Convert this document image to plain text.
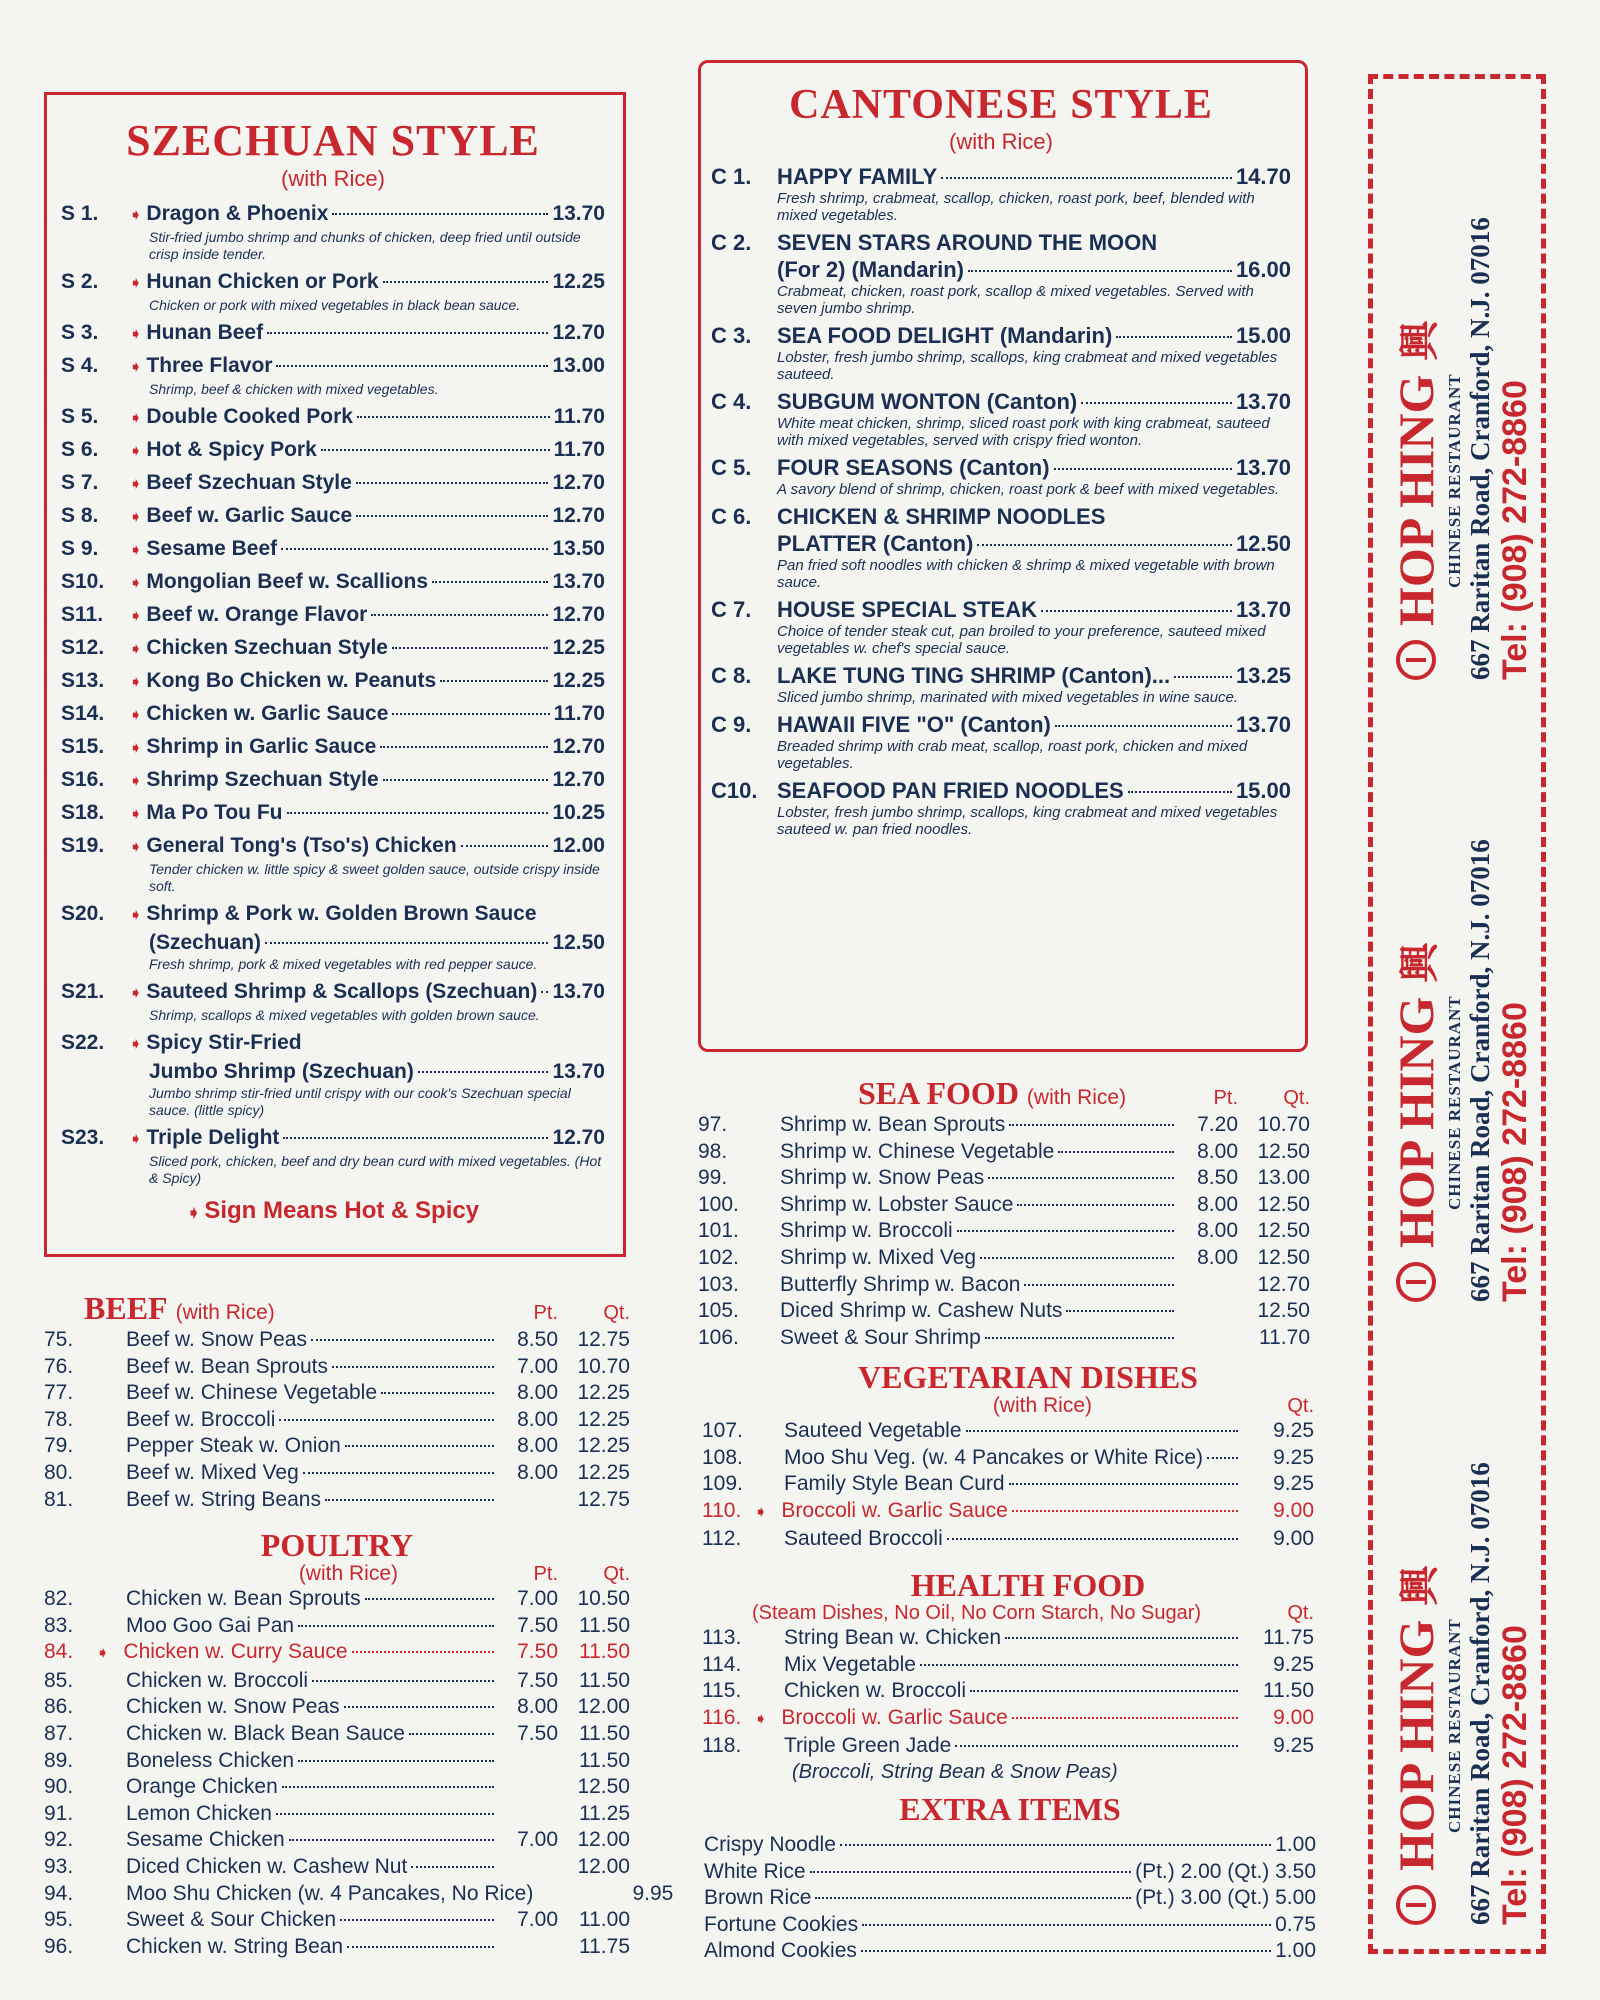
SZECHUAN STYLE
(with Rice)
S 1.	➧ Dragon & Phoenix	13.70
Stir-fried jumbo shrimp and chunks of chicken, deep fried until outside crisp inside tender.
S 2.	➧ Hunan Chicken or Pork	12.25
Chicken or pork with mixed vegetables in black bean sauce.
S 3.	➧ Hunan Beef	12.70
S 4.	➧ Three Flavor	13.00
Shrimp, beef & chicken with mixed vegetables.
S 5.	➧ Double Cooked Pork	11.70
S 6.	➧ Hot & Spicy Pork	11.70
S 7.	➧ Beef Szechuan Style	12.70
S 8.	➧ Beef w. Garlic Sauce	12.70
S 9.	➧ Sesame Beef	13.50
S10.	➧ Mongolian Beef w. Scallions	13.70
S11.	➧ Beef w. Orange Flavor	12.70
S12.	➧ Chicken Szechuan Style	12.25
S13.	➧ Kong Bo Chicken w. Peanuts	12.25
S14.	➧ Chicken w. Garlic Sauce	11.70
S15.	➧ Shrimp in Garlic Sauce	12.70
S16.	➧ Shrimp Szechuan Style	12.70
S18.	➧ Ma Po Tou Fu	10.25
S19.	➧ General Tong's (Tso's) Chicken	12.00
Tender chicken w. little spicy & sweet golden sauce, outside crispy inside soft.
S20.	➧ Shrimp & Pork w. Golden Brown Sauce
(Szechuan)	12.50
Fresh shrimp, pork & mixed vegetables with red pepper sauce.
S21.	➧ Sauteed Shrimp & Scallops (Szechuan) 13.70
Shrimp, scallops & mixed vegetables with golden brown sauce.
S22.	➧ Spicy Stir-Fried
Jumbo Shrimp (Szechuan)	13.70
Jumbo shrimp stir-fried until crispy with our cook's Szechuan special sauce. (little spicy)
S23.	➧ Triple Delight	12.70
Sliced pork, chicken, beef and dry bean curd with mixed vegetables. (Hot & Spicy)
➧ Sign Means Hot & Spicy
CANTONESE STYLE
(with Rice)
C 1.	HAPPY FAMILY	14.70
Fresh shrimp, crabmeat, scallop, chicken, roast pork, beef, blended with mixed vegetables.
C 2.	SEVEN STARS AROUND THE MOON
(For 2) (Mandarin)	16.00
Crabmeat, chicken, roast pork, scallop & mixed vegetables. Served with seven jumbo shrimp.
C 3.	SEA FOOD DELIGHT (Mandarin)	15.00
Lobster, fresh jumbo shrimp, scallops, king crabmeat and mixed vegetables sauteed.
C 4.	SUBGUM WONTON (Canton)	13.70
White meat chicken, shrimp, sliced roast pork with king crabmeat, sauteed with mixed vegetables, served with crispy fried wonton.
C 5.	FOUR SEASONS (Canton)	13.70
A savory blend of shrimp, chicken, roast pork & beef with mixed vegetables.
C 6.	CHICKEN & SHRIMP NOODLES
PLATTER (Canton)	12.50
Pan fried soft noodles with chicken & shrimp & mixed vegetable with brown sauce.
C 7.	HOUSE SPECIAL STEAK	13.70
Choice of tender steak cut, pan broiled to your preference, sauteed mixed vegetables w. chef's special sauce.
C 8.	LAKE TUNG TING SHRIMP (Canton)...	13.25
Sliced jumbo shrimp, marinated with mixed vegetables in wine sauce.
C 9.	HAWAII FIVE "O" (Canton)	13.70
Breaded shrimp with crab meat, scallop, roast pork, chicken and mixed vegetables.
C10. SEAFOOD PAN FRIED NOODLES	15.00
Lobster, fresh jumbo shrimp, scallops, king crabmeat and mixed vegetables sauteed w. pan fried noodles.
BEEF (with Rice)	Pt.	Qt.
75.	Beef w. Snow Peas	8.50 12.75
76.	Beef w. Bean Sprouts	7.00 10.70
77.	Beef w. Chinese Vegetable	8.00 12.25
78.	Beef w. Broccoli	8.00 12.25
79.	Pepper Steak w. Onion	8.00 12.25
80.	Beef w. Mixed Veg	8.00 12.25
81.	Beef w. String Beans	12.75
POULTRY
(with Rice)	Pt.	Qt.
82.	Chicken w. Bean Sprouts	7.00 10.50
83.	Moo Goo Gai Pan	7.50	11.50
84.	➧ Chicken w. Curry Sauce	7.50	11.50
85.	Chicken w. Broccoli	7.50	11.50
86.	Chicken w. Snow Peas	8.00 12.00
87.	Chicken w. Black Bean Sauce	7.50	11.50
89.	Boneless Chicken	11.50
90.	Orange Chicken	12.50
91.	Lemon Chicken	11.25
92.	Sesame Chicken	7.00 12.00
93.	Diced Chicken w. Cashew Nut	12.00
94.	Moo Shu Chicken (w. 4 Pancakes, No Rice)	9.95
95.	Sweet & Sour Chicken	7.00	11.00
96.	Chicken w. String Bean	11.75
SEA FOOD (with Rice)	Pt.	Qt.
97.	Shrimp w. Bean Sprouts	7.20 10.70
98.	Shrimp w. Chinese Vegetable	8.00 12.50
99.	Shrimp w. Snow Peas	8.50 13.00
100.	Shrimp w. Lobster Sauce	8.00 12.50
101.	Shrimp w. Broccoli	8.00 12.50
102.	Shrimp w. Mixed Veg	8.00 12.50
103.	Butterfly Shrimp w. Bacon	12.70
105.	Diced Shrimp w. Cashew Nuts	12.50
106.	Sweet & Sour Shrimp	11.70
VEGETARIAN DISHES
(with Rice)	Qt.
107.	Sauteed Vegetable	9.25
108.	Moo Shu Veg. (w. 4 Pancakes or White Rice)	9.25
109.	Family Style Bean Curd	9.25
110. ➧ Broccoli w. Garlic Sauce	9.00
112.	Sauteed Broccoli	9.00
HEALTH FOOD
(Steam Dishes, No Oil, No Corn Starch, No Sugar)	Qt.
113.	String Bean w. Chicken	11.75
114.	Mix Vegetable	9.25
115.	Chicken w. Broccoli	11.50
116. ➧ Broccoli w. Garlic Sauce	9.00
118.	Triple Green Jade	9.25
(Broccoli, String Bean & Snow Peas)
EXTRA ITEMS
Crispy Noodle	1.00
White Rice	(Pt.) 2.00 (Qt.) 3.50
Brown Rice	(Pt.) 3.00 (Qt.) 5.00
Fortune Cookies	0.75
Almond Cookies	1.00
HOP HING
興
CHINESE RESTAURANT 667 Raritan Road, Cranford, N.J. 07016 Tel: (908) 272-8860
HOP HING
興
CHINESE RESTAURANT 667 Raritan Road, Cranford, N.J. 07016 Tel: (908) 272-8860
HOP HING
興
CHINESE RESTAURANT 667 Raritan Road, Cranford, N.J. 07016 Tel: (908) 272-8860
